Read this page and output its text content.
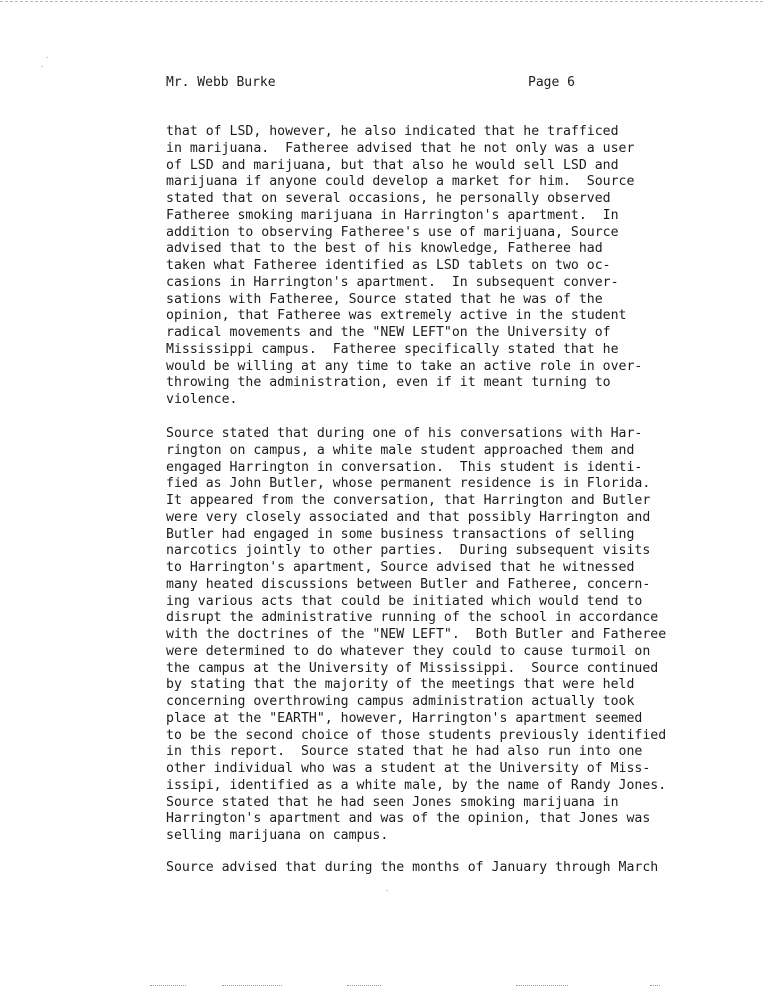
Mr. Webb Burke	Page 6
that of LSD, however, he also indicated that he trafficed
in marijuana.  Fatheree advised that he not only was a user
of LSD and marijuana, but that also he would sell LSD and
marijuana if anyone could develop a market for him.  Source
stated that on several occasions, he personally observed
Fatheree smoking marijuana in Harrington's apartment.  In
addition to observing Fatheree's use of marijuana, Source
advised that to the best of his knowledge, Fatheree had
taken what Fatheree identified as LSD tablets on two oc-
casions in Harrington's apartment.  In subsequent conver-
sations with Fatheree, Source stated that he was of the
opinion, that Fatheree was extremely active in the student
radical movements and the "NEW LEFT"on the University of
Mississippi campus.  Fatheree specifically stated that he
would be willing at any time to take an active role in over-
throwing the administration, even if it meant turning to
violence.
Source stated that during one of his conversations with Har-
rington on campus, a white male student approached them and
engaged Harrington in conversation.  This student is identi-
fied as John Butler, whose permanent residence is in Florida.
It appeared from the conversation, that Harrington and Butler
were very closely associated and that possibly Harrington and
Butler had engaged in some business transactions of selling
narcotics jointly to other parties.  During subsequent visits
to Harrington's apartment, Source advised that he witnessed
many heated discussions between Butler and Fatheree, concern-
ing various acts that could be initiated which would tend to
disrupt the administrative running of the school in accordance
with the doctrines of the "NEW LEFT".  Both Butler and Fatheree
were determined to do whatever they could to cause turmoil on
the campus at the University of Mississippi.  Source continued
by stating that the majority of the meetings that were held
concerning overthrowing campus administration actually took
place at the "EARTH", however, Harrington's apartment seemed
to be the second choice of those students previously identified
in this report.  Source stated that he had also run into one
other individual who was a student at the University of Miss-
issipi, identified as a white male, by the name of Randy Jones.
Source stated that he had seen Jones smoking marijuana in
Harrington's apartment and was of the opinion, that Jones was
selling marijuana on campus.
Source advised that during the months of January through March
